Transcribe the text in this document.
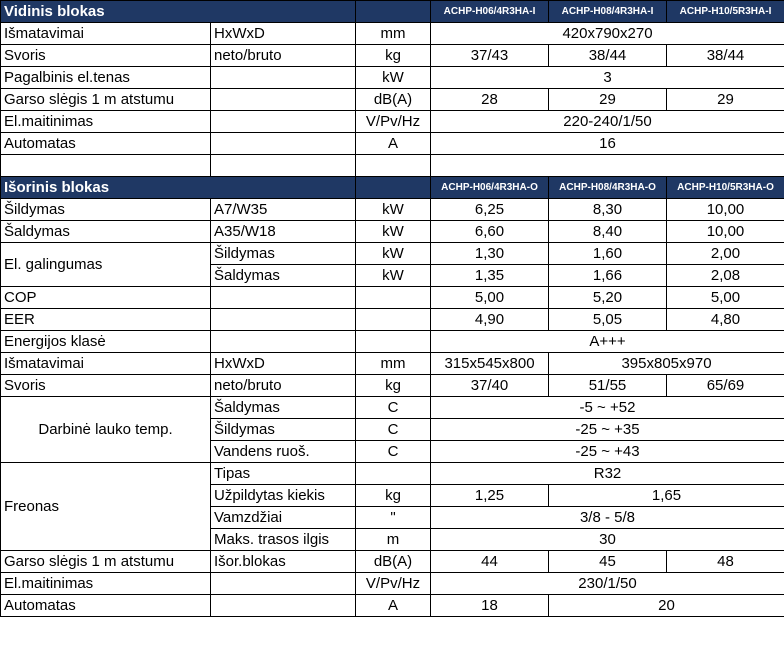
Vidinis blokas			ACHP-H06/4R3HA-I	ACHP-H08/4R3HA-I	ACHP-H10/5R3HA-I
Išmatavimai	HxWxD	mm	420x790x270		
Svoris	neto/bruto	kg	37/43	38/44	38/44
Pagalbinis el.tenas		kW	3		
Garso slėgis 1 m atstumu		dB(A)	28	29	29
El.maitinimas		V/Pv/Hz	220-240/1/50		
Automatas		A	16		

Išorinis blokas			ACHP-H06/4R3HA-O	ACHP-H08/4R3HA-O	ACHP-H10/5R3HA-O
Šildymas	A7/W35	kW	6,25	8,30	10,00
Šaldymas	A35/W18	kW	6,60	8,40	10,00
El. galingumas	Šildymas	kW	1,30	1,60	2,00
	Šaldymas	kW	1,35	1,66	2,08
COP			5,00	5,20	5,00
EER			4,90	5,05	4,80
Energijos klasė			A+++		
Išmatavimai	HxWxD	mm	315x545x800	395x805x970	
Svoris	neto/bruto	kg	37/40	51/55	65/69
Darbinė lauko temp.	Šaldymas	C	-5 ~ +52		
	Šildymas	C	-25 ~ +35		
	Vandens ruoš.	C	-25 ~ +43		
Freonas	Tipas		R32		
	Užpildytas kiekis	kg	1,25	1,65	
	Vamzdžiai	"	3/8 - 5/8		
	Maks. trasos ilgis	m	30		
Garso slėgis 1 m atstumu	Išor.blokas	dB(A)	44	45	48
El.maitinimas		V/Pv/Hz	230/1/50		
Automatas		A	18	20	
